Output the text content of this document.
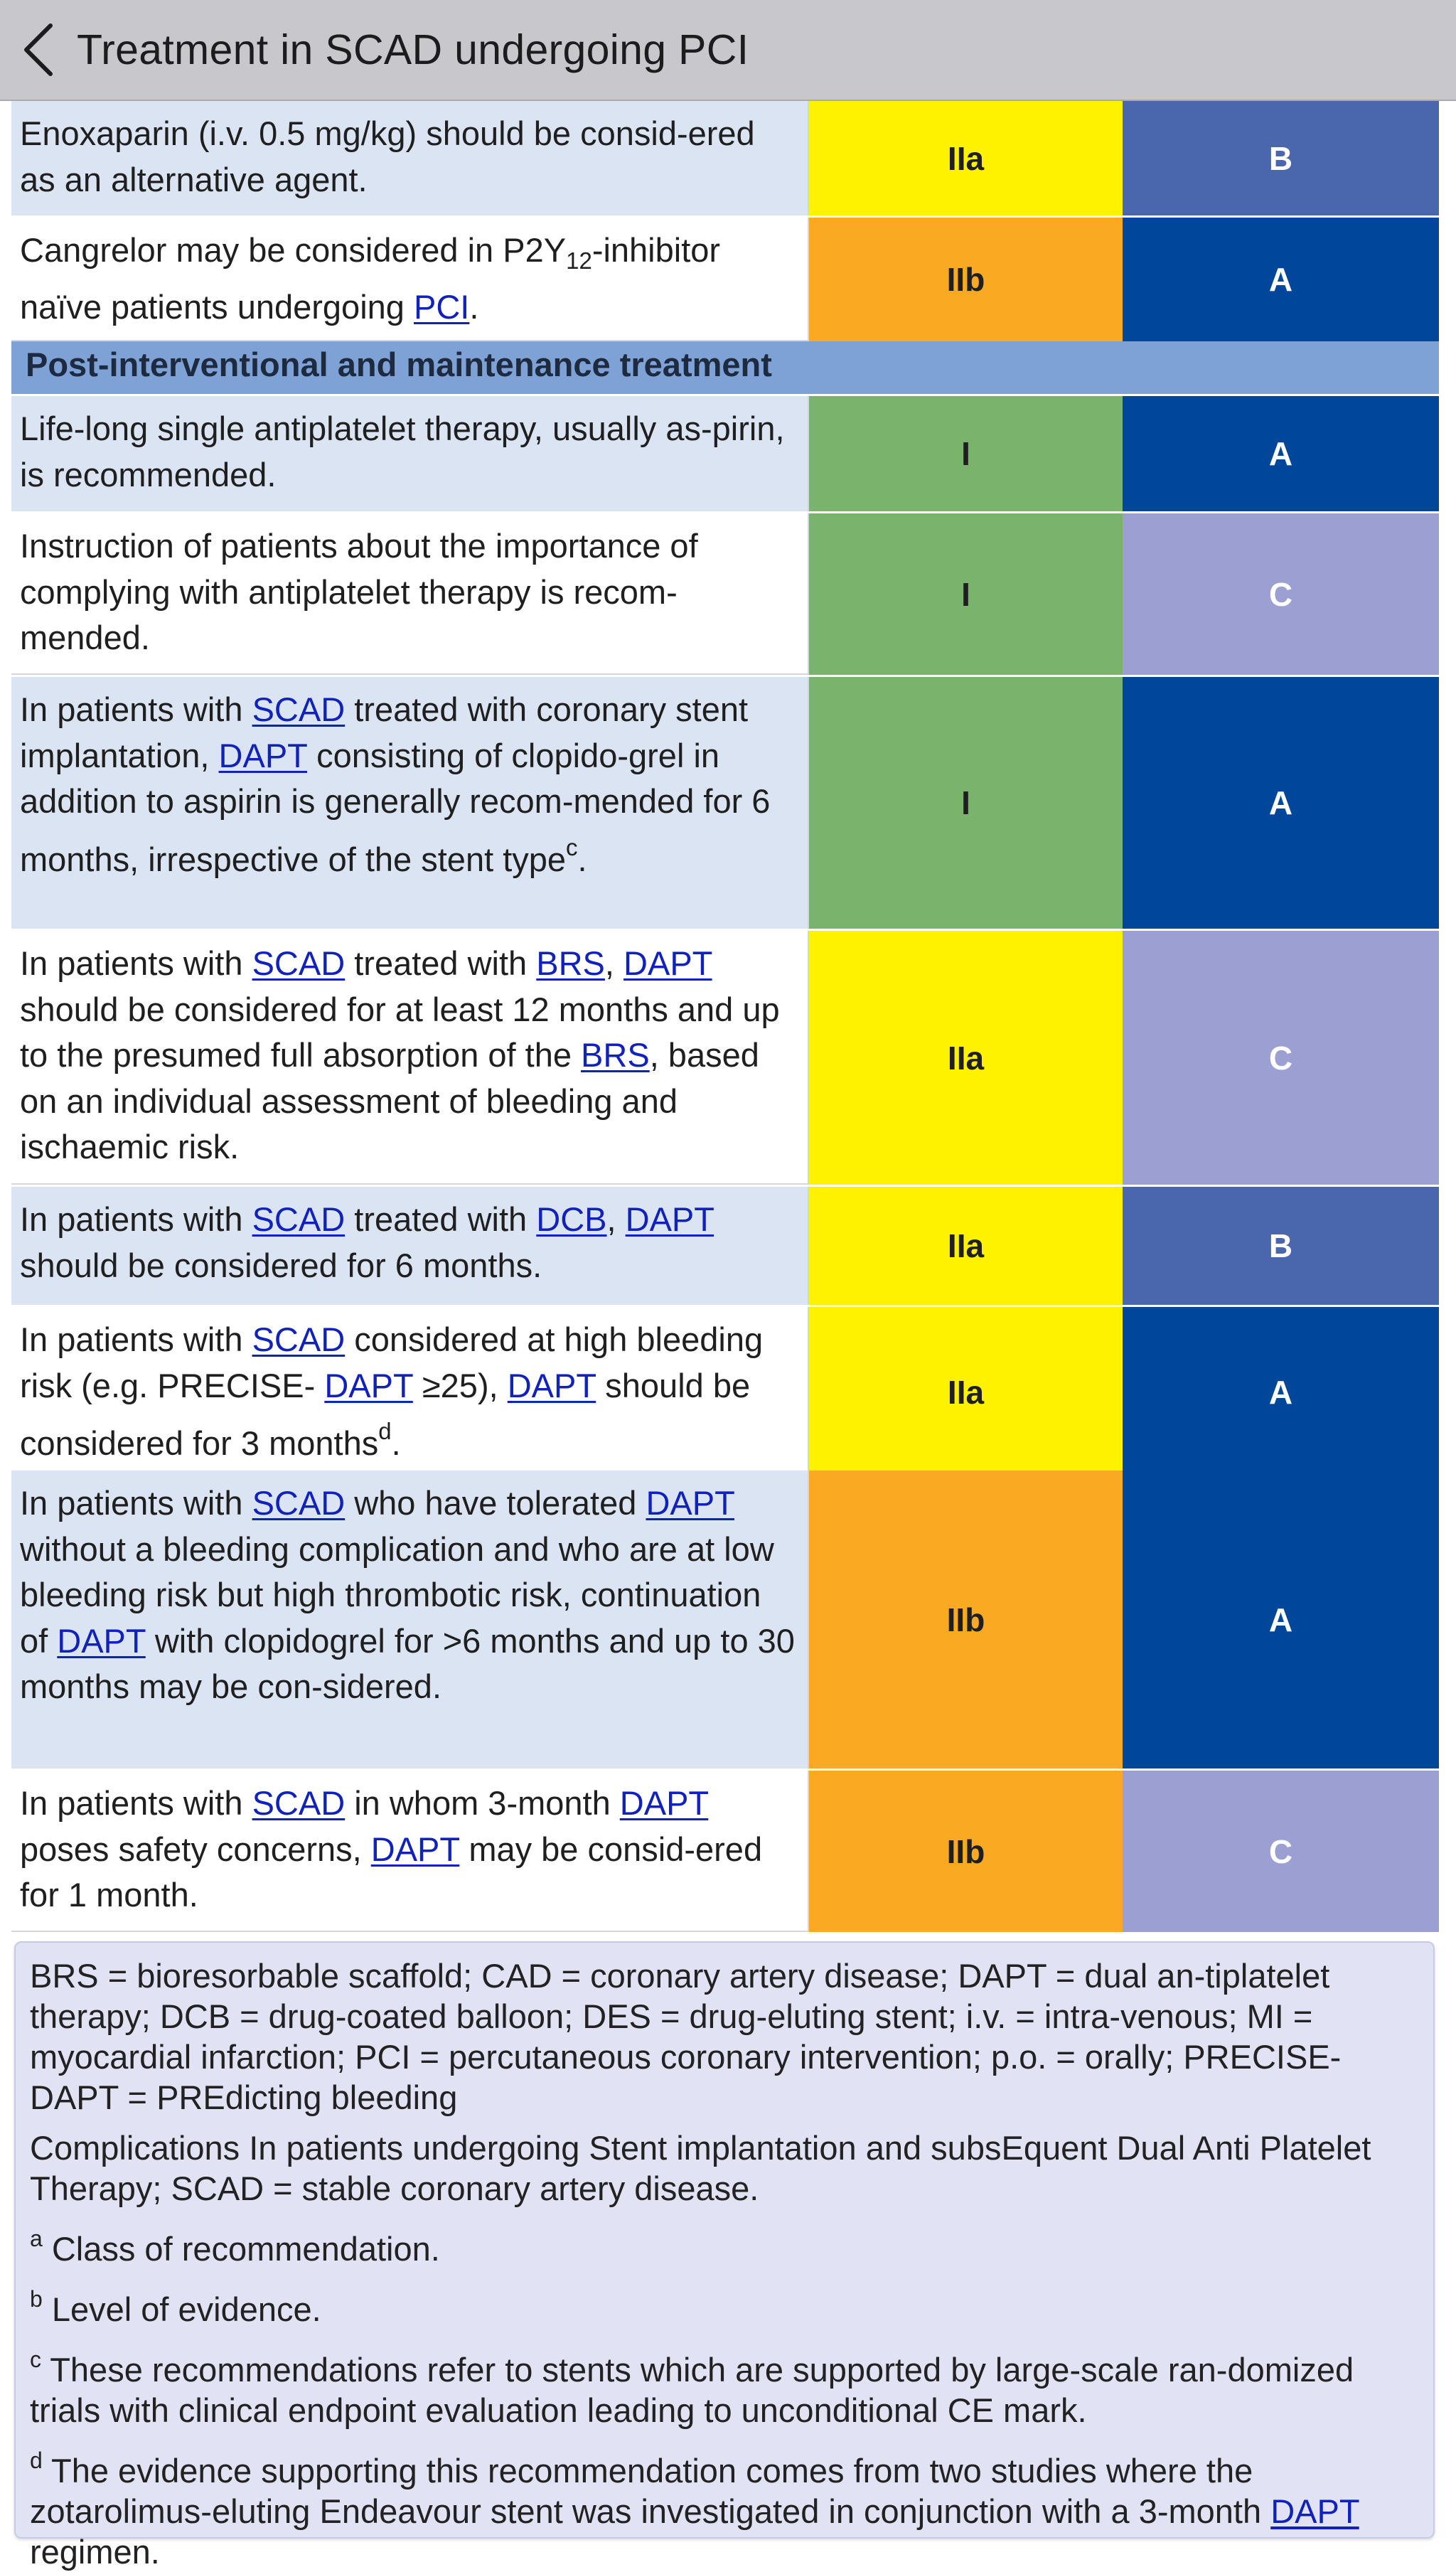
Treatment in SCAD undergoing PCI
Enoxaparin (i.v. 0.5 mg/kg) should be consid-ered as an alternative agent.
IIa	B
Cangrelor may be considered in $P2Y_{12}$-inhibitor naïve patients undergoing PCI.
IIb	A
Post-interventional and maintenance treatment
Life-long single antiplatelet therapy, usually as-pirin, is recommended.
I	A
Instruction of patients about the importance of complying with antiplatelet therapy is recom-mended.
I	C
In patients with SCAD treated with coronary stent implantation, DAPT consisting of clopido-grel in addition to aspirin is generally recom-mended for 6 months, irrespective of the stent type$^c$.
I	A
In patients with SCAD treated with BRS, DAPT should be considered for at least 12 months and up to the presumed full absorption of the BRS, based on an individual assessment of bleeding and ischaemic risk.
IIa	C
In patients with SCAD treated with DCB, DAPT should be considered for 6 months.
IIa	B
In patients with SCAD considered at high bleeding risk (e.g. PRECISE- DAPT ≥25), DAPT should be considered for 3 months$^d$.
IIa	A
In patients with SCAD who have tolerated DAPT without a bleeding complication and who are at low bleeding risk but high thrombotic risk, continuation of DAPT with clopidogrel for >6 months and up to 30 months may be con-sidered.
IIb	A
In patients with SCAD in whom 3-month DAPT poses safety concerns, DAPT may be consid-ered for 1 month.
IIb	C

BRS = bioresorbable scaffold; CAD = coronary artery disease; DAPT = dual an-tiplatelet therapy; DCB = drug-coated balloon; DES = drug-eluting stent; i.v. = intra-venous; MI = myocardial infarction; PCI = percutaneous coronary intervention; p.o. = orally; PRECISE-DAPT = PREdicting bleeding

Complications In patients undergoing Stent implantation and subsEquent Dual Anti Platelet Therapy; SCAD = stable coronary artery disease.

$^a$ Class of recommendation.

$^b$ Level of evidence.

$^c$ These recommendations refer to stents which are supported by large-scale ran-domized trials with clinical endpoint evaluation leading to unconditional CE mark.

$^d$ The evidence supporting this recommendation comes from two studies where the zotarolimus-eluting Endeavour stent was investigated in conjunction with a 3-month DAPT regimen.
